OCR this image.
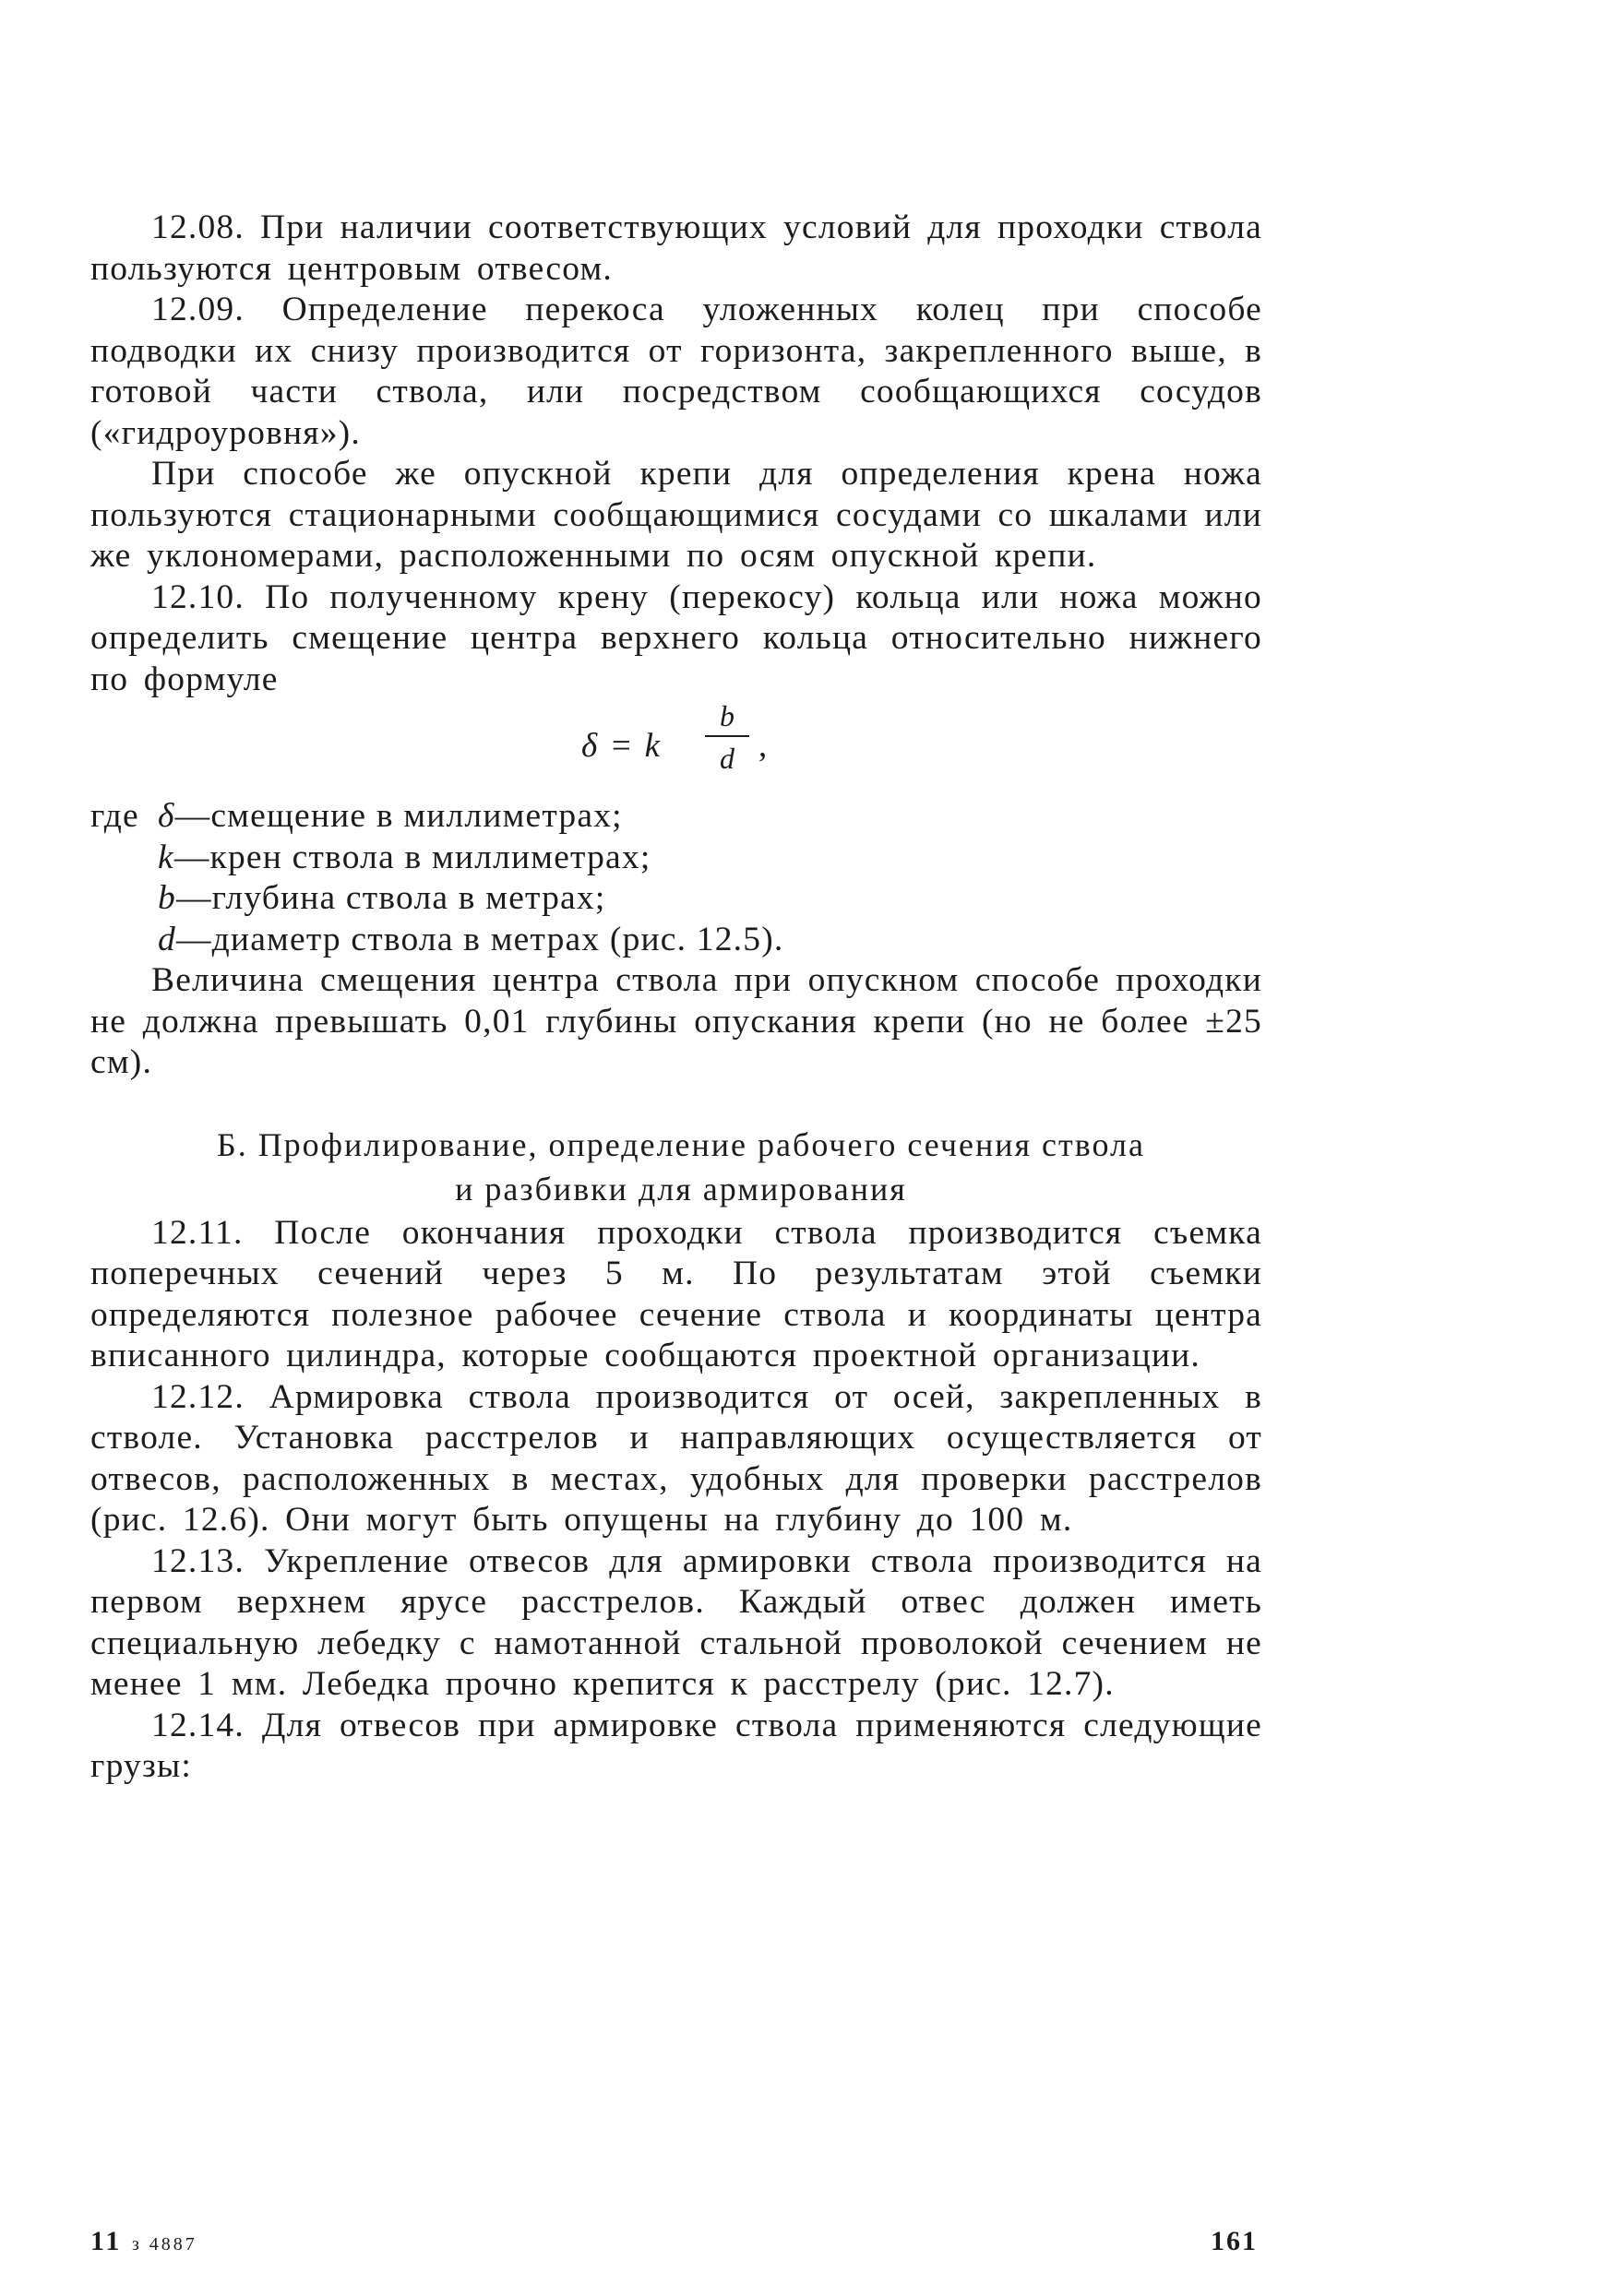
12.08. При наличии соответствующих условий для проходки ствола пользуются центровым отвесом.

12.09. Определение перекоса уложенных колец при способе подводки их снизу производится от горизонта, закрепленного выше, в готовой части ствола, или посредством сообщающихся сосудов («гидроуровня»).

При способе же опускной крепи для определения крена ножа пользуются стационарными сообщающимися сосудами со шкалами или же уклономерами, расположенными по осям опускной крепи.

12.10. По полученному крену (перекосу) кольца или ножа можно определить смещение центра верхнего кольца относительно нижнего по формуле

δ = k
b
d ,
где δ—смещение в миллиметрах;
k—крен ствола в миллиметрах;
b—глубина ствола в метрах;
d—диаметр ствола в метрах (рис. 12.5).

Величина смещения центра ствола при опускном способе проходки не должна превышать 0,01 глубины опускания крепи (но не более ±25 см).

Б. Профилирование, определение рабочего сечения ствола

и разбивки для армирования

12.11. После окончания проходки ствола производится съемка поперечных сечений через 5 м. По результатам этой съемки определяются полезное рабочее сечение ствола и координаты центра вписанного цилиндра, которые сообщаются проектной организации.

12.12. Армировка ствола производится от осей, закрепленных в стволе. Установка расстрелов и направляющих осуществляется от отвесов, расположенных в местах, удобных для проверки расстрелов (рис. 12.6). Они могут быть опущены на глубину до 100 м.

12.13. Укрепление отвесов для армировки ствола производится на первом верхнем ярусе расстрелов. Каждый отвес должен иметь специальную лебедку с намотанной стальной проволокой сечением не менее 1 мм. Лебедка прочно крепится к расстрелу (рис. 12.7).

12.14. Для отвесов при армировке ствола применяются следующие грузы:

11 з 4887	161
